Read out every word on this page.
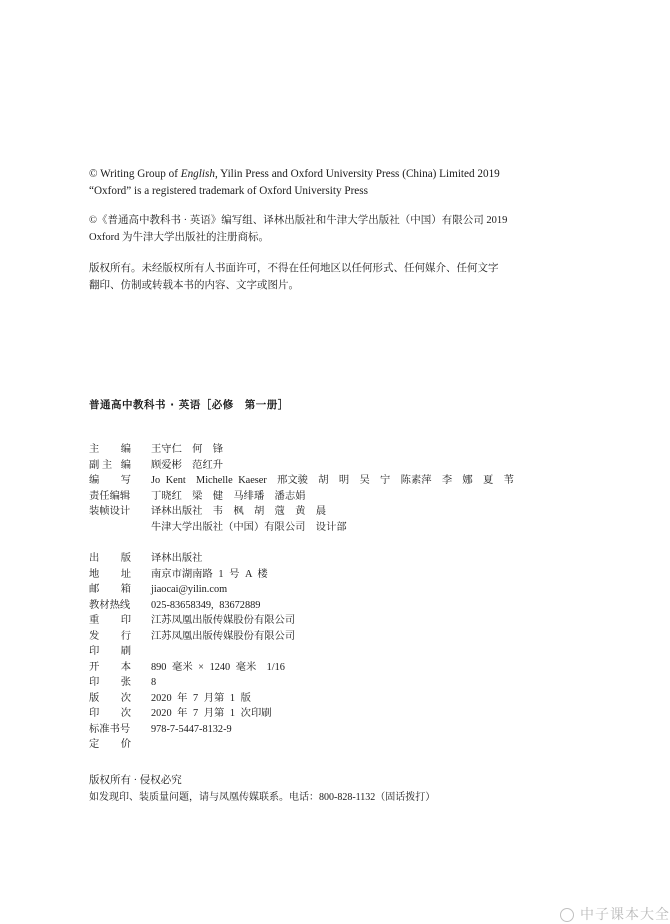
© Writing Group of English, Yilin Press and Oxford University Press (China) Limited 2019
“Oxford” is a registered trademark of Oxford University Press
©《普通高中教科书 · 英语》编写组、译林出版社和牛津大学出版社（中国）有限公司 2019
Oxford 为牛津大学出版社的注册商标。
版权所有。未经版权所有人书面许可，不得在任何地区以任何形式、任何媒介、任何文字
翻印、仿制或转载本书的内容、文字或图片。
普通高中教科书 · 英语［必修　第一册］
主 编 王守仁　何　锋
副 主 编 顾爱彬　范红升
编 写 Jo Kent　Michelle Kaeser　邢文骏　胡　明　吴　宁　陈素萍　李　娜　夏　苇
责任编辑	丁晓红　梁　健　马绯璠　潘志娟
装帧设计	译林出版社　韦　枫　胡　蔻　黄　晨
牛津大学出版社（中国）有限公司　设计部
出 版 译林出版社
地 址 南京市湖南路 1 号 A 楼
邮 箱 jiaocai@yilin.com
教材热线	025-83658349, 83672889
重 印 江苏凤凰出版传媒股份有限公司
发 行 江苏凤凰出版传媒股份有限公司
印 刷
开 本 890 毫米 × 1240 毫米　1/16
印 张 8
版 次 2020 年 7 月第 1 版
印 次 2020 年 7 月第 1 次印刷
标准书号	978-7-5447-8132-9
定 价
版权所有 · 侵权必究
如发现印、装质量问题，请与凤凰传媒联系。电话：800-828-1132（固话拨打）
中子课本大全
